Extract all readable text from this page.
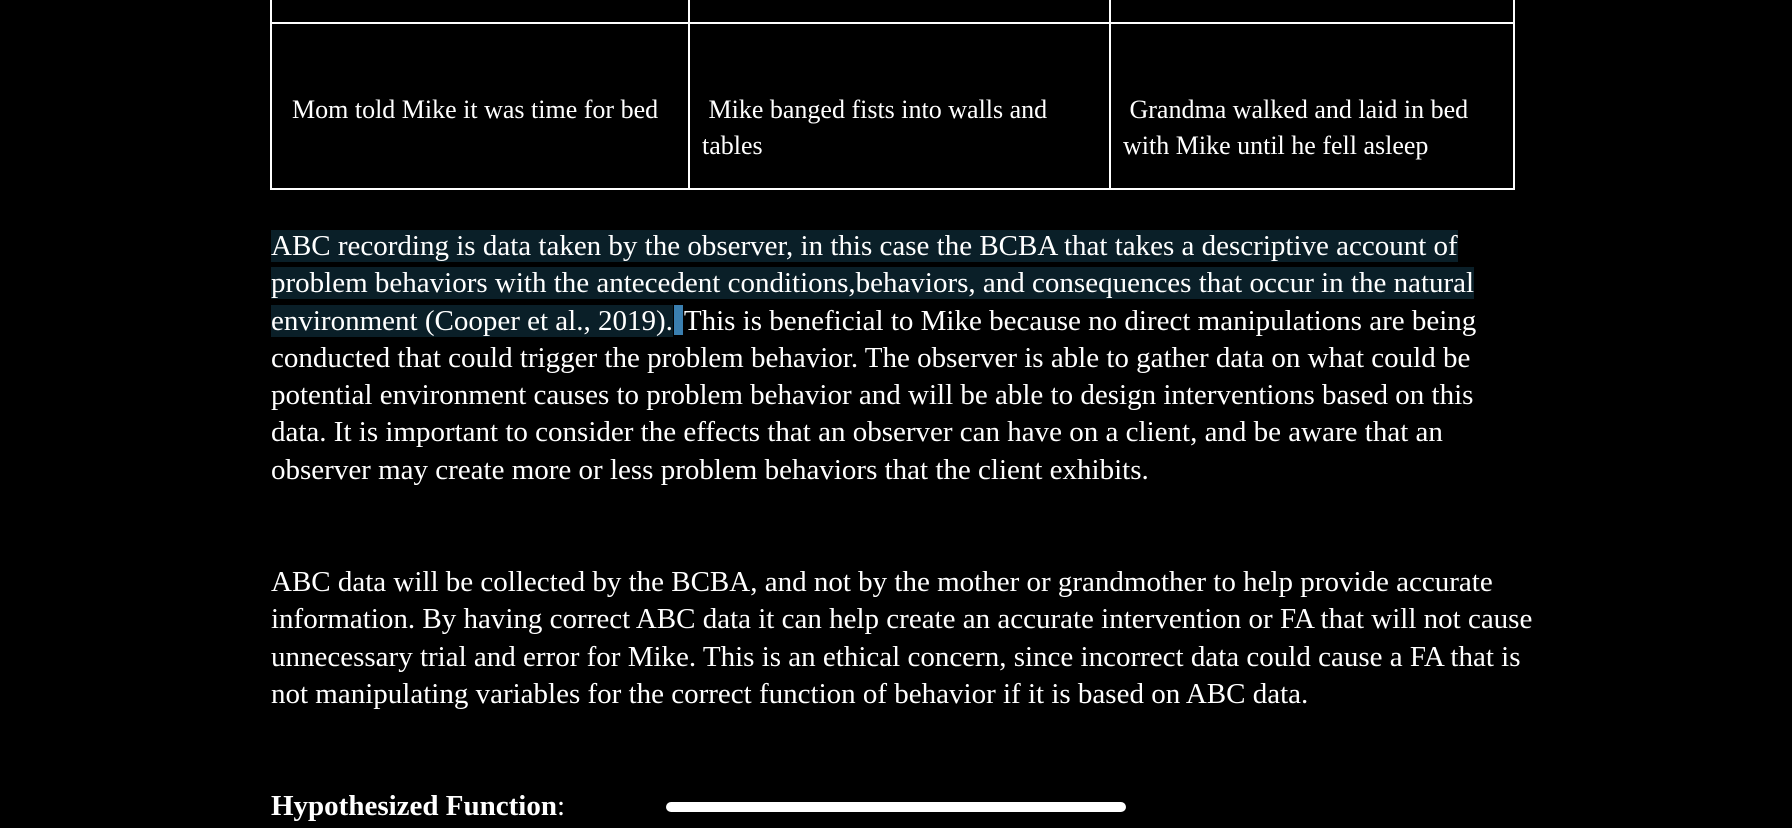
Mom told Mike it was time for bed	Mike banged fists into walls and tables	Grandma walked and laid in bed with Mike until he fell asleep

ABC recording is data taken by the observer, in this case the BCBA that takes a descriptive account of problem behaviors with the antecedent conditions,behaviors, and consequences that occur in the natural environment (Cooper et al., 2019). This is beneficial to Mike because no direct manipulations are being conducted that could trigger the problem behavior. The observer is able to gather data on what could be potential environment causes to problem behavior and will be able to design interventions based on this data. It is important to consider the effects that an observer can have on a client, and be aware that an observer may create more or less problem behaviors that the client exhibits.

ABC data will be collected by the BCBA, and not by the mother or grandmother to help provide accurate information. By having correct ABC data it can help create an accurate intervention or FA that will not cause unnecessary trial and error for Mike. This is an ethical concern, since incorrect data could cause a FA that is not manipulating variables for the correct function of behavior if it is based on ABC data.

Hypothesized Function:
